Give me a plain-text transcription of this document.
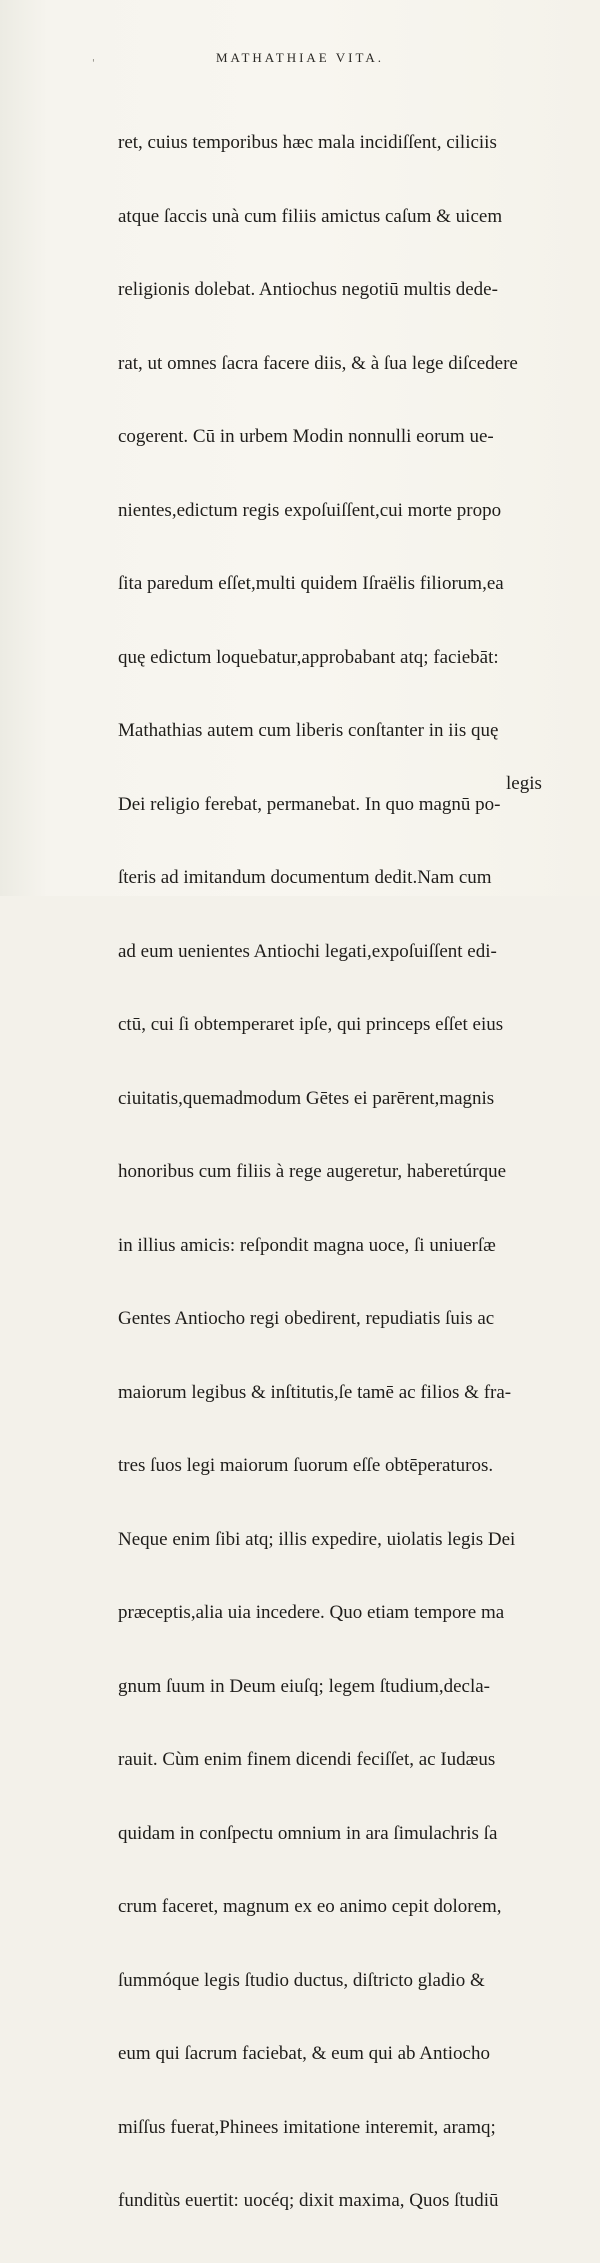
'	MATHATHIAE VITA.

ret, cuius temporibus hæc mala incidiſſent, ciliciis

atque ſaccis unà cum filiis amictus caſum & uicem

religionis dolebat. Antiochus negotiū multis dede-

rat, ut omnes ſacra facere diis, & à ſua lege diſcedere

cogerent. Cū in urbem Modin nonnulli eorum ue-

nientes,edictum regis expoſuiſſent,cui morte propo

ſita paredum eſſet,multi quidem Iſraëlis filiorum,ea

quę edictum loquebatur,approbabant atq; faciebāt:

Mathathias autem cum liberis conſtanter in iis quę

Dei religio ferebat, permanebat. In quo magnū po-

ſteris ad imitandum documentum dedit.Nam cum

ad eum uenientes Antiochi legati,expoſuiſſent edi-

ctū, cui ſi obtemperaret ipſe, qui princeps eſſet eius

ciuitatis,quemadmodum Gētes ei parērent,magnis

honoribus cum filiis à rege augeretur, haberetúrque

in illius amicis: reſpondit magna uoce, ſi uniuerſæ

Gentes Antiocho regi obedirent, repudiatis ſuis ac

maiorum legibus & inſtitutis,ſe tamē ac filios & fra-

tres ſuos legi maiorum ſuorum eſſe obtēperaturos.

Neque enim ſibi atq; illis expedire, uiolatis legis Dei

præceptis,alia uia incedere. Quo etiam tempore ma

gnum ſuum in Deum eiuſq; legem ſtudium,decla-

rauit. Cùm enim finem dicendi feciſſet, ac Iudæus

quidam in conſpectu omnium in ara ſimulachris ſa

crum faceret, magnum ex eo animo cepit dolorem,

ſummóque legis ſtudio ductus, diſtricto gladio &

eum qui ſacrum faciebat, & eum qui ab Antiocho

miſſus fuerat,Phinees imitatione interemit, aramq;

funditùs euertit: uocéq; dixit maxima, Quos ſtudiū

legis
